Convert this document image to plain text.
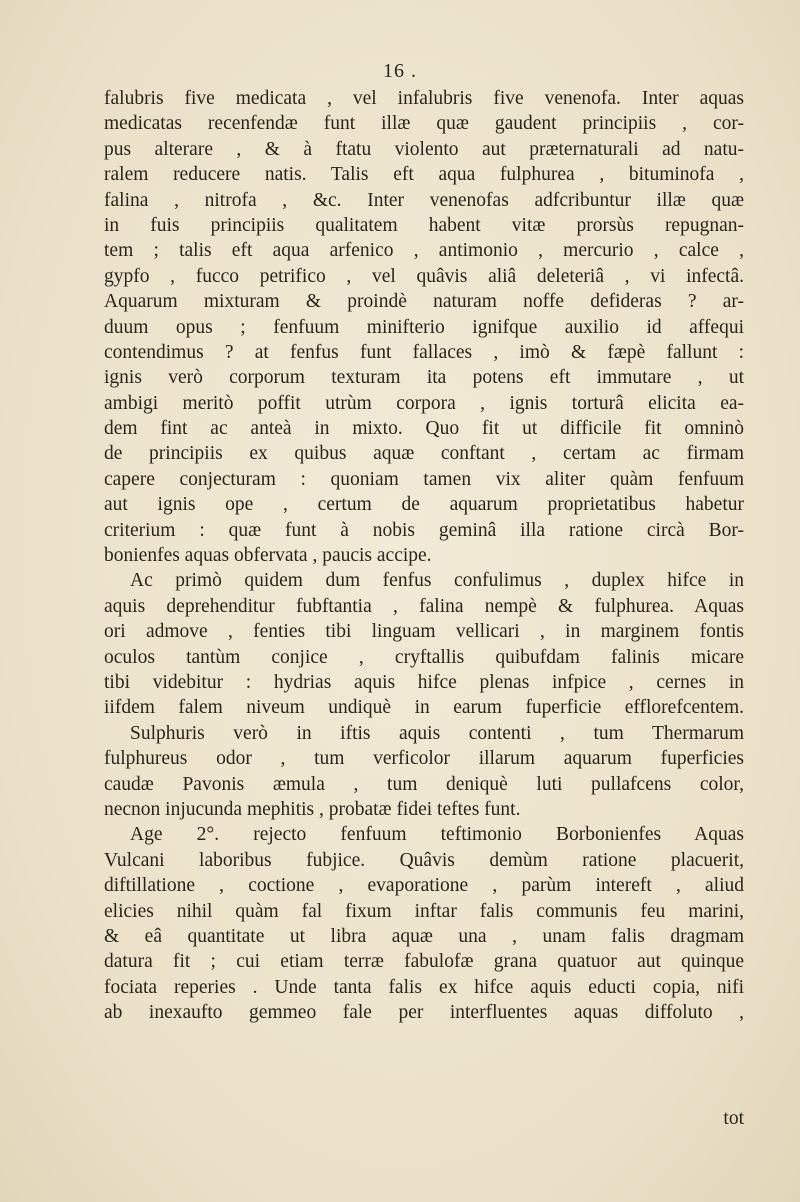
16 .
falubris five medicata , vel infalubris five venenofa. Inter aquas
medicatas recenfendæ funt illæ quæ gaudent principiis , cor-
pus alterare , & à ftatu violento aut præternaturali ad natu-
ralem reducere natis. Talis eft aqua fulphurea , bituminofa ,
falina , nitrofa , &c. Inter venenofas adfcribuntur illæ quæ
in fuis principiis qualitatem habent vitæ prorsùs repugnan-
tem ; talis eft aqua arfenico , antimonio , mercurio , calce ,
gypfo , fucco petrifico , vel quâvis aliâ deleteriâ , vi infectâ.
Aquarum mixturam & proindè naturam noffe defideras ? ar-
duum opus ; fenfuum minifterio ignifque auxilio id affequi
contendimus ? at fenfus funt fallaces , imò & fæpè fallunt :
ignis verò corporum texturam ita potens eft immutare , ut
ambigi meritò poffit utrùm corpora , ignis torturâ elicita ea-
dem fint ac anteà in mixto. Quo fit ut difficile fit omninò
de principiis ex quibus aquæ conftant , certam ac firmam
capere conjecturam : quoniam tamen vix aliter quàm fenfuum
aut ignis ope , certum de aquarum proprietatibus habetur
criterium : quæ funt à nobis geminâ illa ratione circà Bor-
bonienfes aquas obfervata , paucis accipe.
Ac primò quidem dum fenfus confulimus , duplex hifce in
aquis deprehenditur fubftantia , falina nempè & fulphurea. Aquas
ori admove , fenties tibi linguam vellicari , in marginem fontis
oculos tantùm conjice , cryftallis quibufdam falinis micare
tibi videbitur : hydrias aquis hifce plenas infpice , cernes in
iifdem falem niveum undiquè in earum fuperficie efflorefcentem.
Sulphuris verò in iftis aquis contenti , tum Thermarum
fulphureus odor , tum verficolor illarum aquarum fuperficies
caudæ Pavonis æmula , tum deniquè luti pullafcens color,
necnon injucunda mephitis , probatæ fidei teftes funt.
Age 2°. rejecto fenfuum teftimonio Borbonienfes Aquas
Vulcani laboribus fubjice. Quâvis demùm ratione placuerit,
diftillatione , coctione , evaporatione , parùm intereft , aliud
elicies nihil quàm fal fixum inftar falis communis feu marini,
& eâ quantitate ut libra aquæ una , unam falis dragmam
datura fit ; cui etiam terræ fabulofæ grana quatuor aut quinque
fociata reperies . Unde tanta falis ex hifce aquis educti copia, nifi
ab inexaufto gemmeo fale per interfluentes aquas diffoluto ,
tot
